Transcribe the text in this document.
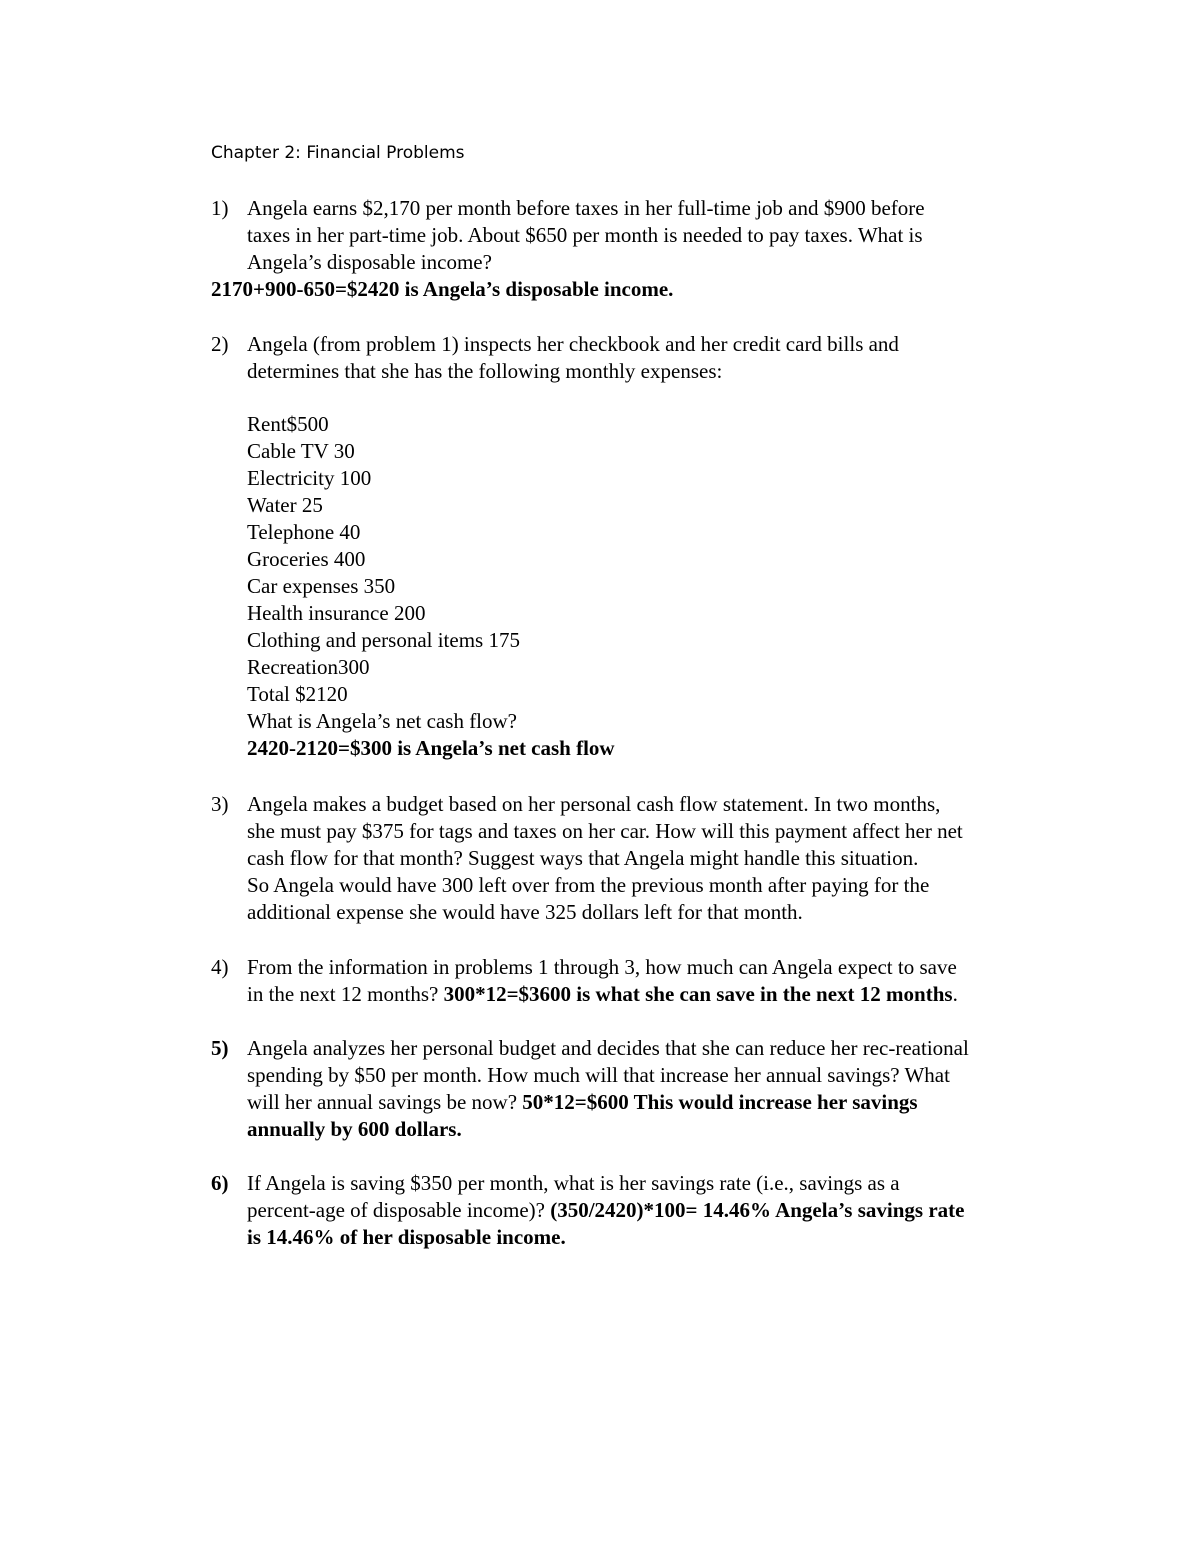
Chapter 2: Financial Problems
1) Angela earns $2,170 per month before taxes in her full-time job and $900 before
taxes in her part-time job. About $650 per month is needed to pay taxes. What is
Angela’s disposable income?
2170+900-650=$2420 is Angela’s disposable income.
2) Angela (from problem 1) inspects her checkbook and her credit card bills and
determines that she has the following monthly expenses:
Rent$500
Cable TV 30
Electricity 100
Water 25
Telephone 40
Groceries 400
Car expenses 350
Health insurance 200
Clothing and personal items 175
Recreation300
Total $2120
What is Angela’s net cash flow?
2420-2120=$300 is Angela’s net cash flow
3) Angela makes a budget based on her personal cash flow statement. In two months,
she must pay $375 for tags and taxes on her car. How will this payment affect her net
cash flow for that month? Suggest ways that Angela might handle this situation.
So Angela would have 300 left over from the previous month after paying for the
additional expense she would have 325 dollars left for that month.
4) From the information in problems 1 through 3, how much can Angela expect to save
in the next 12 months? 300*12=$3600 is what she can save in the next 12 months.
5) Angela analyzes her personal budget and decides that she can reduce her rec-reational
spending by $50 per month. How much will that increase her annual savings? What
will her annual savings be now? 50*12=$600 This would increase her savings
annually by 600 dollars.
6) If Angela is saving $350 per month, what is her savings rate (i.e., savings as a
percent-age of disposable income)? (350/2420)*100= 14.46% Angela’s savings rate
is 14.46% of her disposable income.
